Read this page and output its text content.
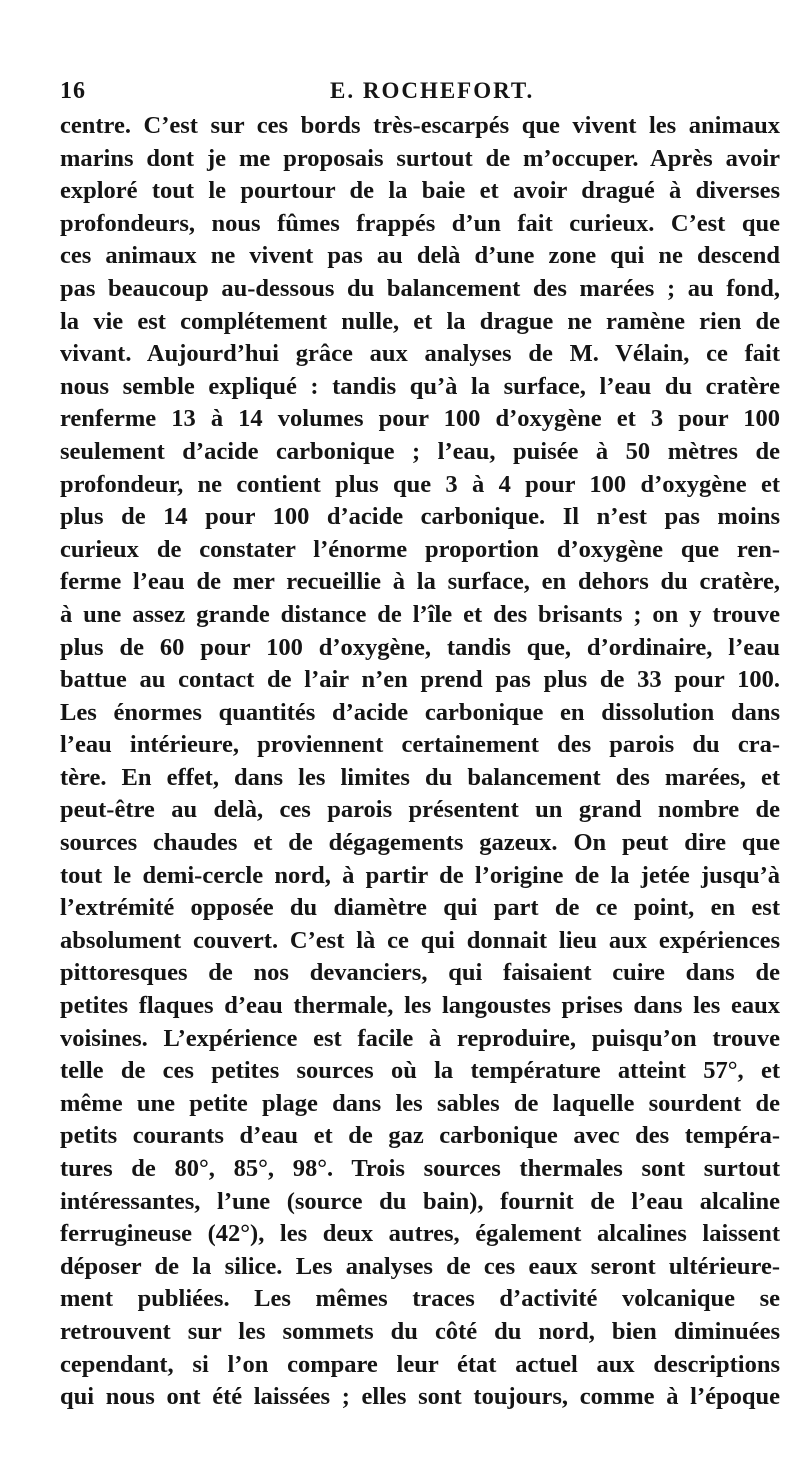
16	E. ROCHEFORT.
centre. C’est sur ces bords très-escarpés que vivent les animaux
marins dont je me proposais surtout de m’occuper. Après avoir
exploré tout le pourtour de la baie et avoir dragué à diverses
profondeurs, nous fûmes frappés d’un fait curieux. C’est que
ces animaux ne vivent pas au delà d’une zone qui ne descend
pas beaucoup au-dessous du balancement des marées ; au fond,
la vie est complétement nulle, et la drague ne ramène rien de
vivant. Aujourd’hui grâce aux analyses de M. Vélain, ce fait
nous semble expliqué : tandis qu’à la surface, l’eau du cratère
renferme 13 à 14 volumes pour 100 d’oxygène et 3 pour 100
seulement d’acide carbonique ; l’eau, puisée à 50 mètres de
profondeur, ne contient plus que 3 à 4 pour 100 d’oxygène et
plus de 14 pour 100 d’acide carbonique. Il n’est pas moins
curieux de constater l’énorme proportion d’oxygène que ren-
ferme l’eau de mer recueillie à la surface, en dehors du cratère,
à une assez grande distance de l’île et des brisants ; on y trouve
plus de 60 pour 100 d’oxygène, tandis que, d’ordinaire, l’eau
battue au contact de l’air n’en prend pas plus de 33 pour 100.
Les énormes quantités d’acide carbonique en dissolution dans
l’eau intérieure, proviennent certainement des parois du cra-
tère. En effet, dans les limites du balancement des marées, et
peut-être au delà, ces parois présentent un grand nombre de
sources chaudes et de dégagements gazeux. On peut dire que
tout le demi-cercle nord, à partir de l’origine de la jetée jusqu’à
l’extrémité opposée du diamètre qui part de ce point, en est
absolument couvert. C’est là ce qui donnait lieu aux expériences
pittoresques de nos devanciers, qui faisaient cuire dans de
petites flaques d’eau thermale, les langoustes prises dans les eaux
voisines. L’expérience est facile à reproduire, puisqu’on trouve
telle de ces petites sources où la température atteint 57°, et
même une petite plage dans les sables de laquelle sourdent de
petits courants d’eau et de gaz carbonique avec des tempéra-
tures de 80°, 85°, 98°. Trois sources thermales sont surtout
intéressantes, l’une (source du bain), fournit de l’eau alcaline
ferrugineuse (42°), les deux autres, également alcalines laissent
déposer de la silice. Les analyses de ces eaux seront ultérieure-
ment publiées. Les mêmes traces d’activité volcanique se
retrouvent sur les sommets du côté du nord, bien diminuées
cependant, si l’on compare leur état actuel aux descriptions
qui nous ont été laissées ; elles sont toujours, comme à l’époque
